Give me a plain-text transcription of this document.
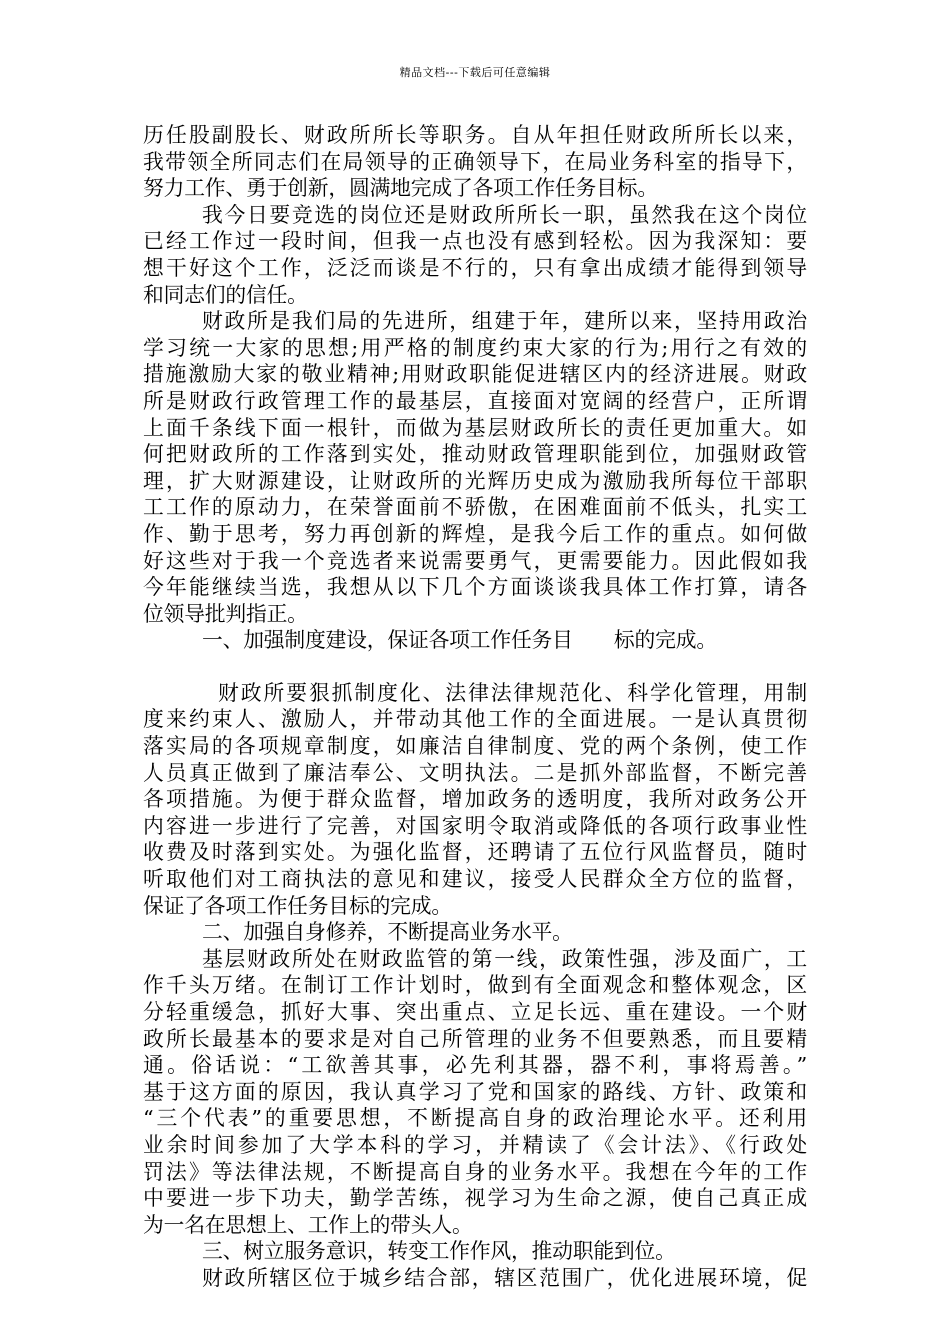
精品文档---下载后可任意编辑
历任股副股长、财政所所长等职务。自从年担任财政所所长以来，
我带领全所同志们在局领导的正确领导下，在局业务科室的指导下，
努力工作、勇于创新，圆满地完成了各项工作任务目标。
我今日要竞选的岗位还是财政所所长一职，虽然我在这个岗位
已经工作过一段时间，但我一点也没有感到轻松。因为我深知：要
想干好这个工作，泛泛而谈是不行的，只有拿出成绩才能得到领导
和同志们的信任。
财政所是我们局的先进所，组建于年，建所以来，坚持用政治
学习统一大家的思想;用严格的制度约束大家的行为;用行之有效的
措施激励大家的敬业精神;用财政职能促进辖区内的经济进展。财政
所是财政行政管理工作的最基层，直接面对宽阔的经营户，正所谓
上面千条线下面一根针，而做为基层财政所长的责任更加重大。如
何把财政所的工作落到实处，推动财政管理职能到位，加强财政管
理，扩大财源建设，让财政所的光辉历史成为激励我所每位干部职
工工作的原动力，在荣誉面前不骄傲，在困难面前不低头，扎实工
作、勤于思考，努力再创新的辉煌，是我今后工作的重点。如何做
好这些对于我一个竞选者来说需要勇气，更需要能力。因此假如我
今年能继续当选，我想从以下几个方面谈谈我具体工作打算，请各
位领导批判指正。
一、加强制度建设，保证各项工作任务目　　标的完成。
财政所要狠抓制度化、法律法律规范化、科学化管理，用制
度来约束人、激励人，并带动其他工作的全面进展。一是认真贯彻
落实局的各项规章制度，如廉洁自律制度、党的两个条例，使工作
人员真正做到了廉洁奉公、文明执法。二是抓外部监督，不断完善
各项措施。为便于群众监督，增加政务的透明度，我所对政务公开
内容进一步进行了完善，对国家明令取消或降低的各项行政事业性
收费及时落到实处。为强化监督，还聘请了五位行风监督员，随时
听取他们对工商执法的意见和建议，接受人民群众全方位的监督，
保证了各项工作任务目标的完成。
二、加强自身修养，不断提高业务水平。
基层财政所处在财政监管的第一线，政策性强，涉及面广，工
作千头万绪。在制订工作计划时，做到有全面观念和整体观念，区
分轻重缓急，抓好大事、突出重点、立足长远、重在建设。一个财
政所长最基本的要求是对自己所管理的业务不但要熟悉，而且要精
通。俗话说：“工欲善其事，必先利其器，器不利，事将焉善。”
基于这方面的原因，我认真学习了党和国家的路线、方针、政策和
“三个代表”的重要思想，不断提高自身的政治理论水平。还利用
业余时间参加了大学本科的学习，并精读了《会计法》、《行政处
罚法》等法律法规，不断提高自身的业务水平。我想在今年的工作
中要进一步下功夫，勤学苦练，视学习为生命之源，使自己真正成
为一名在思想上、工作上的带头人。
三、树立服务意识，转变工作作风，推动职能到位。
财政所辖区位于城乡结合部，辖区范围广，优化进展环境，促
